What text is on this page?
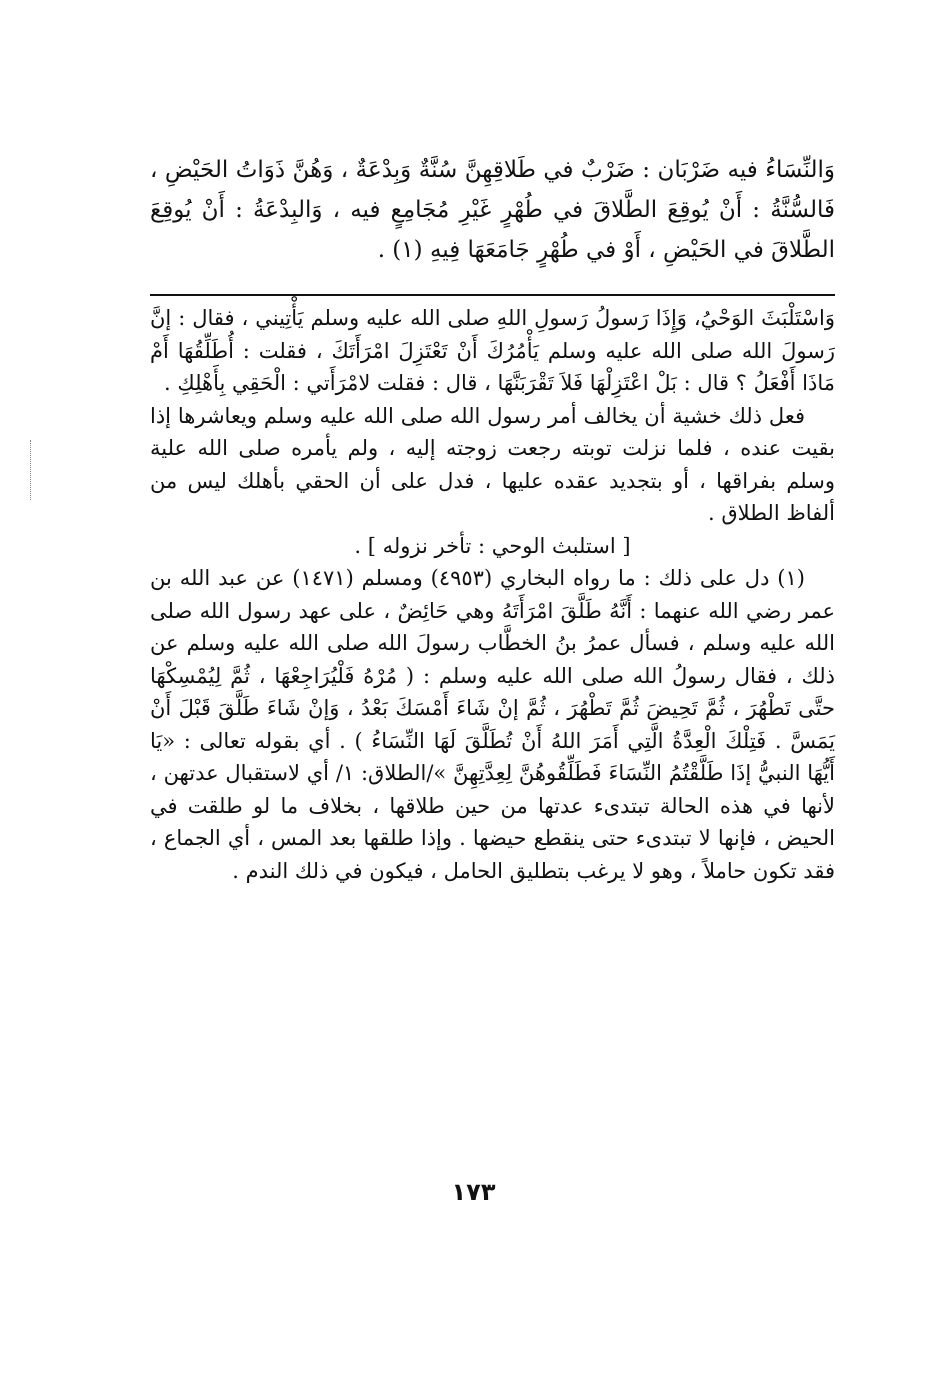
وَالنِّسَاءُ فيه ضَرْبَان : ضَرْبٌ في طَلاقِهِنَّ سُنَّةٌ وَبِدْعَةٌ ، وَهُنَّ ذَوَاتُ الحَيْضِ ، فَالسُّنَّةُ : أَنْ يُوقِعَ الطَّلاقَ في طُهْرٍ غَيْرِ مُجَامِعٍ فيه ، وَالبِدْعَةُ : أَنْ يُوقِعَ الطَّلاقَ في الحَيْضِ ، أَوْ في طُهْرٍ جَامَعَهَا فِيهِ (١) .

وَاسْتَلْبَثَ الوَحْيُ، وَإِذَا رَسولُ رَسولِ اللهِ صلى الله عليه وسلم يَأْتِيني ، فقال : إنَّ رَسولَ الله صلى الله عليه وسلم يَأْمُرُكَ أَنْ تَعْتَزِلَ امْرَأَتَكَ ، فقلت : أُطَلِّقُهَا أَمْ مَاذَا أَفْعَلُ ؟ قال : بَلْ اعْتَزِلْهَا فَلاَ تَقْرَبَنَّهَا ، قال : فقلت لامْرَأَتي : الْحَقِي بِأَهْلِكِ .

فعل ذلك خشية أن يخالف أمر رسول الله صلى الله عليه وسلم ويعاشرها إذا بقيت عنده ، فلما نزلت توبته رجعت زوجته إليه ، ولم يأمره صلى الله علية وسلم بفراقها ، أو بتجديد عقده عليها ، فدل على أن الحقي بأهلك ليس من ألفاظ الطلاق .

[ استلبث الوحي : تأخر نزوله ] .

(١) دل على ذلك : ما رواه البخاري (٤٩٥٣) ومسلم (١٤٧١) عن عبد الله بن عمر رضي الله عنهما : أَنَّهُ طَلَّقَ امْرَأَتَهُ وهي حَائِضٌ ، على عهد رسول الله صلى الله عليه وسلم ، فسأل عمرُ بنُ الخطَّاب رسولَ الله صلى الله عليه وسلم عن ذلك ، فقال رسولُ الله صلى الله عليه وسلم : ( مُرْهُ فَلْيُرَاجِعْهَا ، ثُمَّ لِيُمْسِكْهَا حتَّى تَطْهُرَ ، ثُمَّ تَحِيضَ ثُمَّ تَطْهُرَ ، ثُمَّ إنْ شَاءَ أَمْسَكَ بَعْدُ ، وَإنْ شَاءَ طَلَّقَ قَبْلَ أَنْ يَمَسَّ . فَتِلْكَ الْعِدَّةُ الَّتِي أَمَرَ اللهُ أَنْ تُطَلَّقَ لَهَا النِّسَاءُ ) . أي بقوله تعالى : «يَا أَيُّهَا النبيُّ إذَا طَلَّقْتُمُ النِّسَاءَ فَطَلِّقُوهُنَّ لِعِدَّتِهِنَّ »/الطلاق: ١/ أي لاستقبال عدتهن ، لأنها في هذه الحالة تبتدىء عدتها من حين طلاقها ، بخلاف ما لو طلقت في الحيض ، فإنها لا تبتدىء حتى ينقطع حيضها . وإذا طلقها بعد المس ، أي الجماع ، فقد تكون حاملاً ، وهو لا يرغب بتطليق الحامل ، فيكون في ذلك الندم .

١٧٣
